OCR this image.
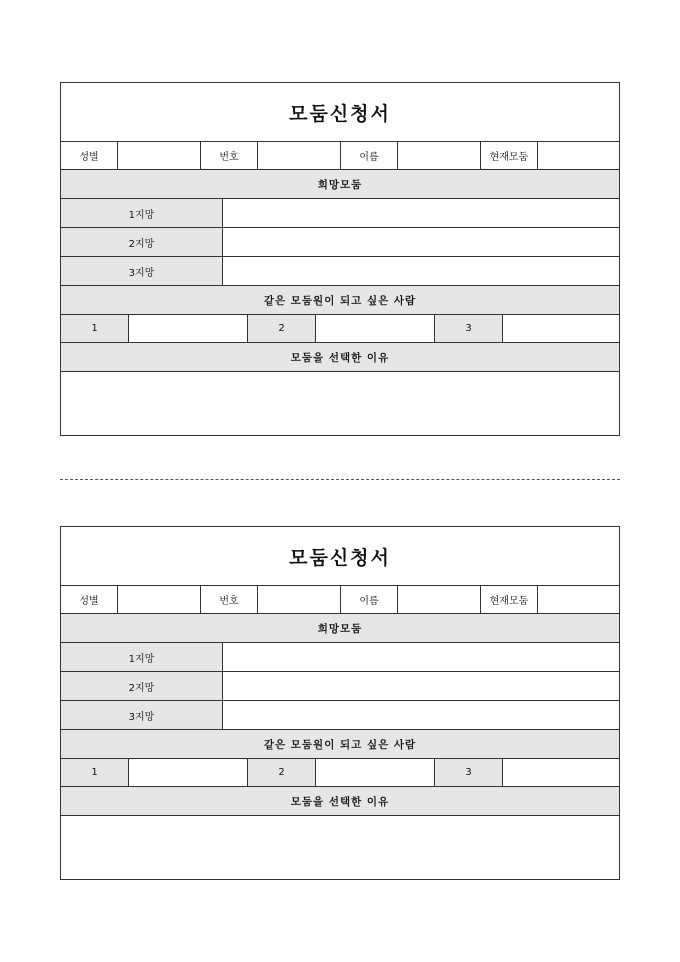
모둠신청서
성별	번호	이름	현재모둠
희망모둠
1지망
2지망
3지망
같은 모둠원이 되고 싶은 사람
1	2	3
모둠을 선택한 이유
모둠신청서
성별	번호	이름	현재모둠
희망모둠
1지망
2지망
3지망
같은 모둠원이 되고 싶은 사람
1	2	3
모둠을 선택한 이유
